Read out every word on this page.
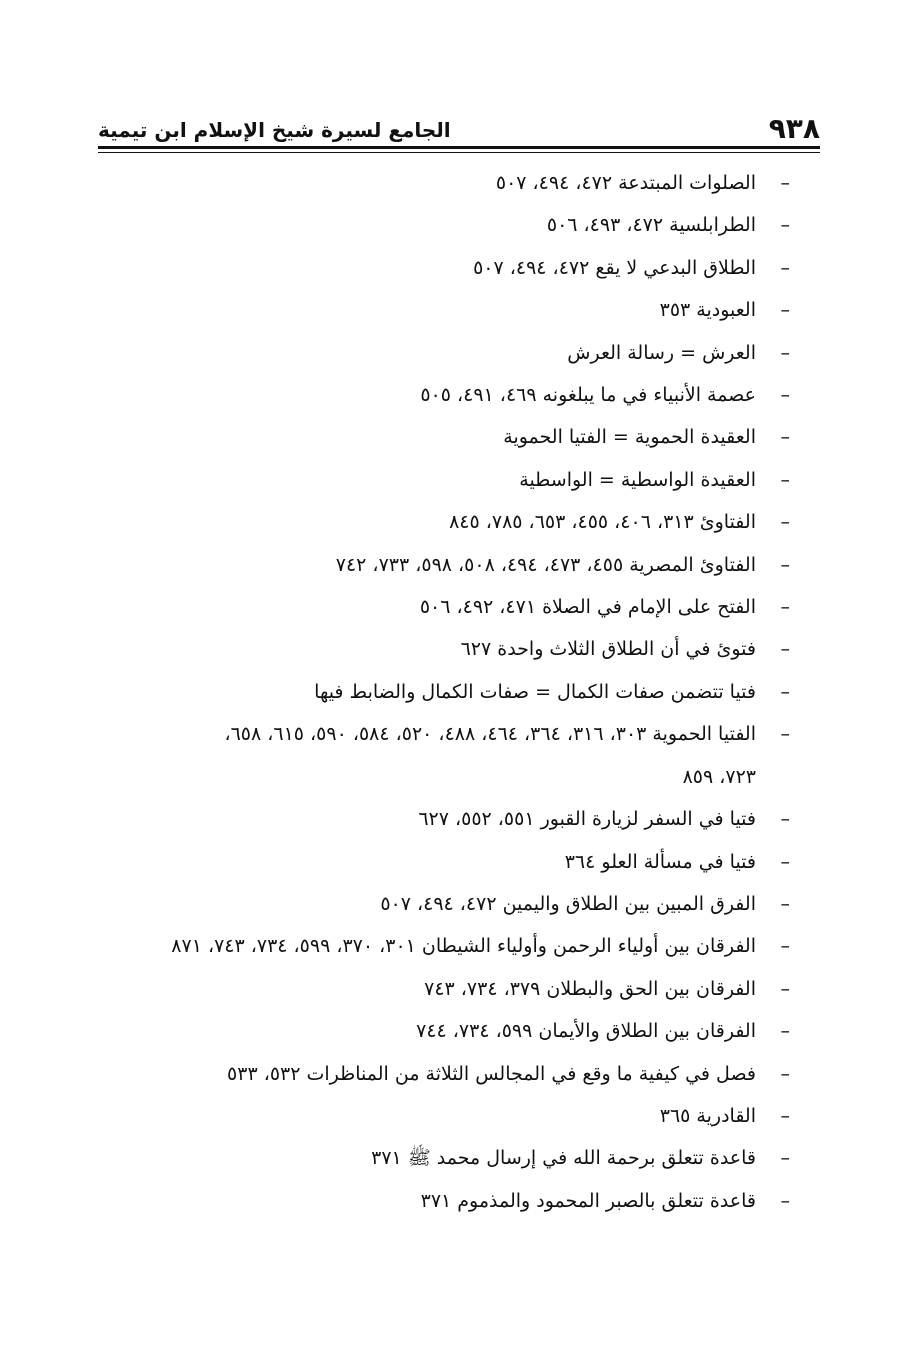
٩٣٨
الجامع لسيرة شيخ الإسلام ابن تيمية
–
الصلوات المبتدعة ٤٧٢، ٤٩٤، ٥٠٧
–
الطرابلسية ٤٧٢، ٤٩٣، ٥٠٦
–
الطلاق البدعي لا يقع ٤٧٢، ٤٩٤، ٥٠٧
–
العبودية ٣٥٣
–
العرش = رسالة العرش
–
عصمة الأنبياء في ما يبلغونه ٤٦٩، ٤٩١، ٥٠٥
–
العقيدة الحموية = الفتيا الحموية
–
العقيدة الواسطية = الواسطية
–
الفتاوئ ٣١٣، ٤٠٦، ٤٥٥، ٦٥٣، ٧٨٥، ٨٤٥
–
الفتاوئ المصرية ٤٥٥، ٤٧٣، ٤٩٤، ٥٠٨، ٥٩٨، ٧٣٣، ٧٤٢
–
الفتح على الإمام في الصلاة ٤٧١، ٤٩٢، ٥٠٦
–
فتوئ في أن الطلاق الثلاث واحدة ٦٢٧
–
فتيا تتضمن صفات الكمال = صفات الكمال والضابط فيها
–
الفتيا الحموية ٣٠٣، ٣١٦، ٣٦٤، ٤٦٤، ٤٨٨، ٥٢٠، ٥٨٤، ٥٩٠، ٦١٥، ٦٥٨،
٧٢٣، ٨٥٩
–
فتيا في السفر لزيارة القبور ٥٥١، ٥٥٢، ٦٢٧
–
فتيا في مسألة العلو ٣٦٤
–
الفرق المبين بين الطلاق واليمين ٤٧٢، ٤٩٤، ٥٠٧
–
الفرقان بين أولياء الرحمن وأولياء الشيطان ٣٠١، ٣٧٠، ٥٩٩، ٧٣٤، ٧٤٣، ٨٧١
–
الفرقان بين الحق والبطلان ٣٧٩، ٧٣٤، ٧٤٣
–
الفرقان بين الطلاق والأيمان ٥٩٩، ٧٣٤، ٧٤٤
–
فصل في كيفية ما وقع في المجالس الثلاثة من المناظرات ٥٣٢، ٥٣٣
–
القادرية ٣٦٥
–
قاعدة تتعلق برحمة الله في إرسال محمد ﷺ ٣٧١
–
قاعدة تتعلق بالصبر المحمود والمذموم ٣٧١
